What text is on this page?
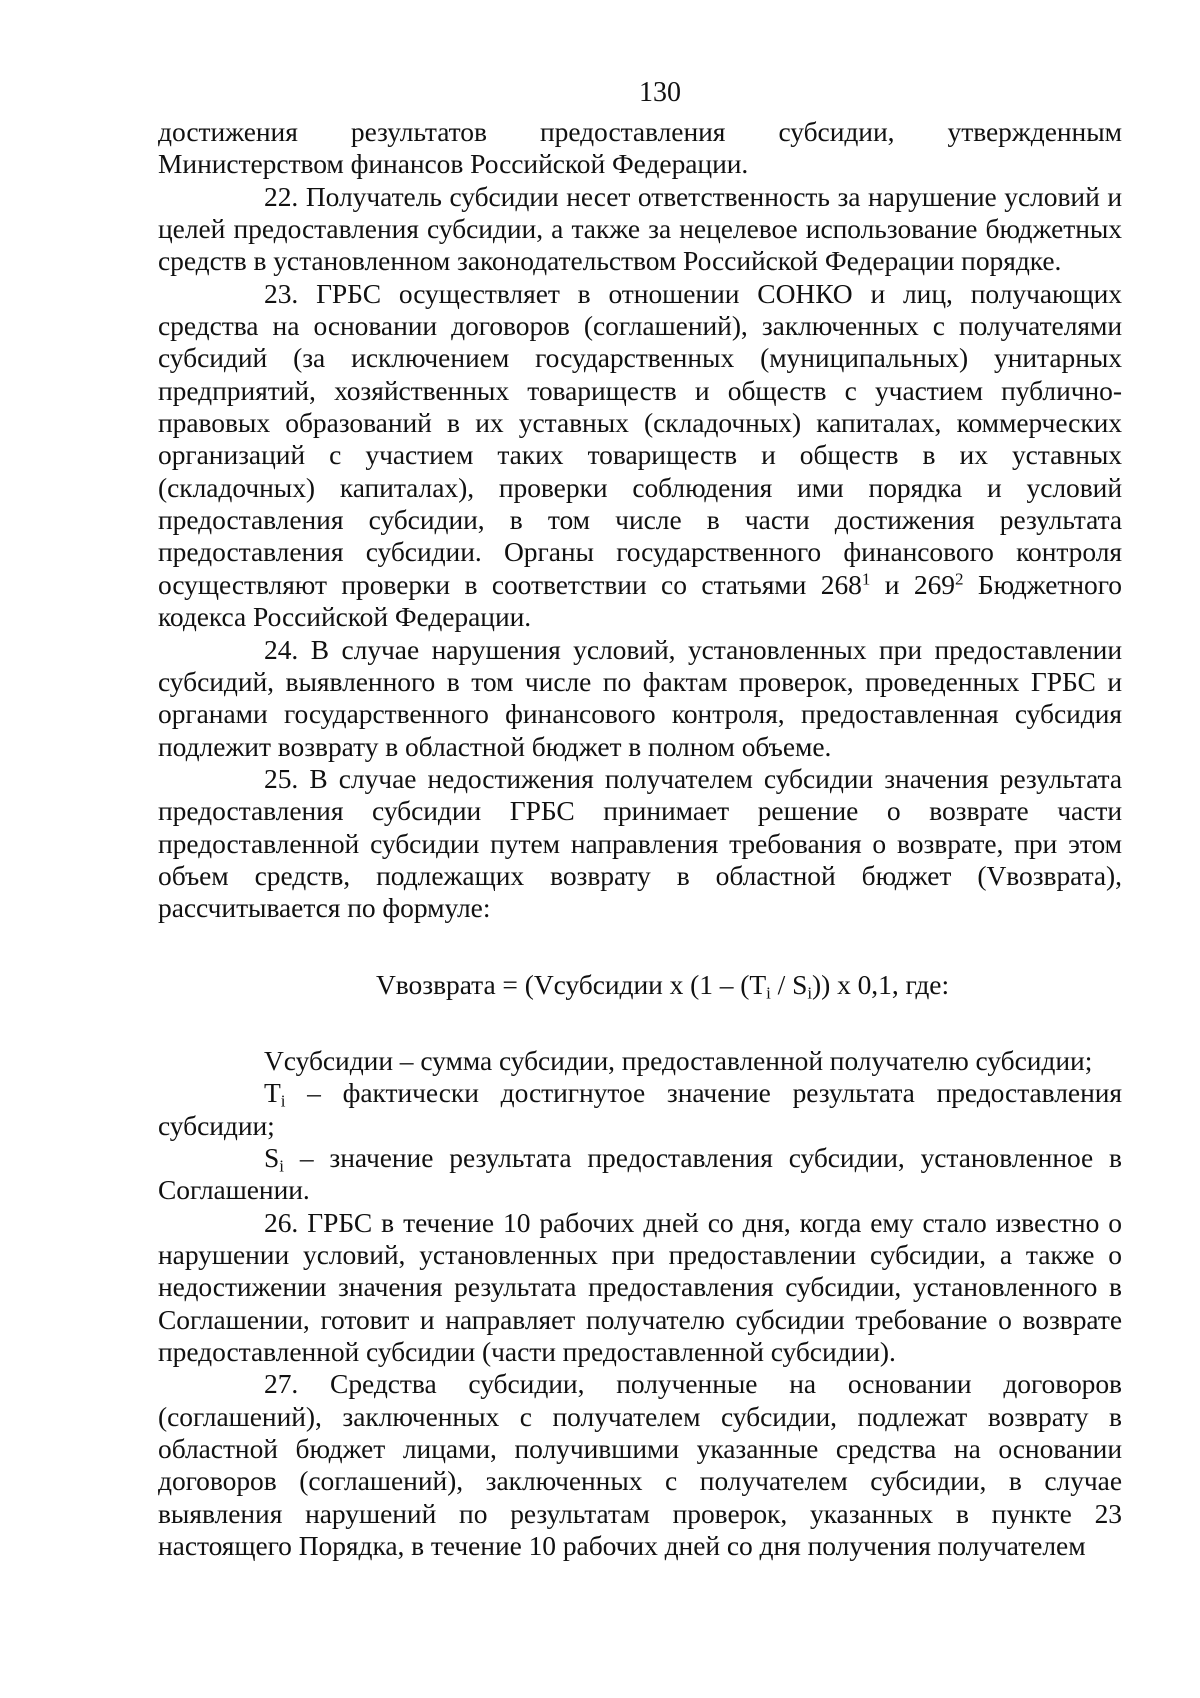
130

достижения результатов предоставления субсидии, утвержденным Министерством финансов Российской Федерации.

22. Получатель субсидии несет ответственность за нарушение условий и целей предоставления субсидии, а также за нецелевое использование бюджетных средств в установленном законодательством Российской Федерации порядке.

23. ГРБС осуществляет в отношении СОНКО и лиц, получающих средства на основании договоров (соглашений), заключенных с получателями субсидий (за исключением государственных (муниципальных) унитарных предприятий, хозяйственных товариществ и обществ с участием публично-правовых образований в их уставных (складочных) капиталах, коммерческих организаций с участием таких товариществ и обществ в их уставных (складочных) капиталах), проверки соблюдения ими порядка и условий предоставления субсидии, в том числе в части достижения результата предоставления субсидии. Органы государственного финансового контроля осуществляют проверки в соответствии со статьями $268^1$ и $269^2$ Бюджетного кодекса Российской Федерации.

24. В случае нарушения условий, установленных при предоставлении субсидий, выявленного в том числе по фактам проверок, проведенных ГРБС и органами государственного финансового контроля, предоставленная субсидия подлежит возврату в областной бюджет в полном объеме.

25. В случае недостижения получателем субсидии значения результата предоставления субсидии ГРБС принимает решение о возврате части предоставленной субсидии путем направления требования о возврате, при этом объем средств, подлежащих возврату в областной бюджет (Vвозврата), рассчитывается по формуле:

Vвозврата = (Vсубсидии х $(1 - (T_i / S_i))$ х 0,1, где:

Vсубсидии – сумма субсидии, предоставленной получателю субсидии;

$T_i$ – фактически достигнутое значение результата предоставления субсидии;

$S_i$ – значение результата предоставления субсидии, установленное в Соглашении.

26. ГРБС в течение 10 рабочих дней со дня, когда ему стало известно о нарушении условий, установленных при предоставлении субсидии, а также о недостижении значения результата предоставления субсидии, установленного в Соглашении, готовит и направляет получателю субсидии требование о возврате предоставленной субсидии (части предоставленной субсидии).

27. Средства субсидии, полученные на основании договоров (соглашений), заключенных с получателем субсидии, подлежат возврату в областной бюджет лицами, получившими указанные средства на основании договоров (соглашений), заключенных с получателем субсидии, в случае выявления нарушений по результатам проверок, указанных в пункте 23 настоящего Порядка, в течение 10 рабочих дней со дня получения получателем
